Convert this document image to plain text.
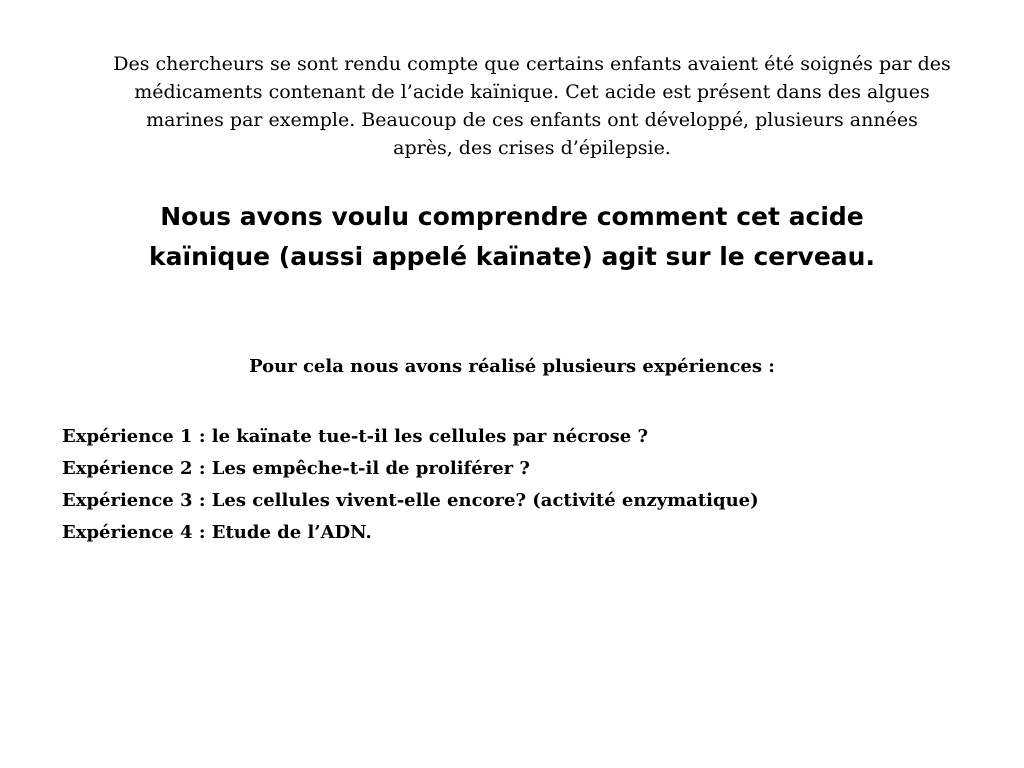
Des chercheurs se sont rendu compte que certains enfants avaient été soignés par des
médicaments contenant de l’acide kaïnique. Cet acide est présent dans des algues
marines par exemple. Beaucoup de ces enfants ont développé, plusieurs années
après, des crises d’épilepsie.

Nous avons voulu comprendre comment cet acide
kaïnique (aussi appelé kaïnate) agit sur le cerveau.

Pour cela nous avons réalisé plusieurs expériences :

Expérience 1 : le kaïnate tue-t-il les cellules par nécrose ?
Expérience 2 : Les empêche-t-il de proliférer ?
Expérience 3 : Les cellules vivent-elle encore? (activité enzymatique)
Expérience 4 : Etude de l’ADN.
